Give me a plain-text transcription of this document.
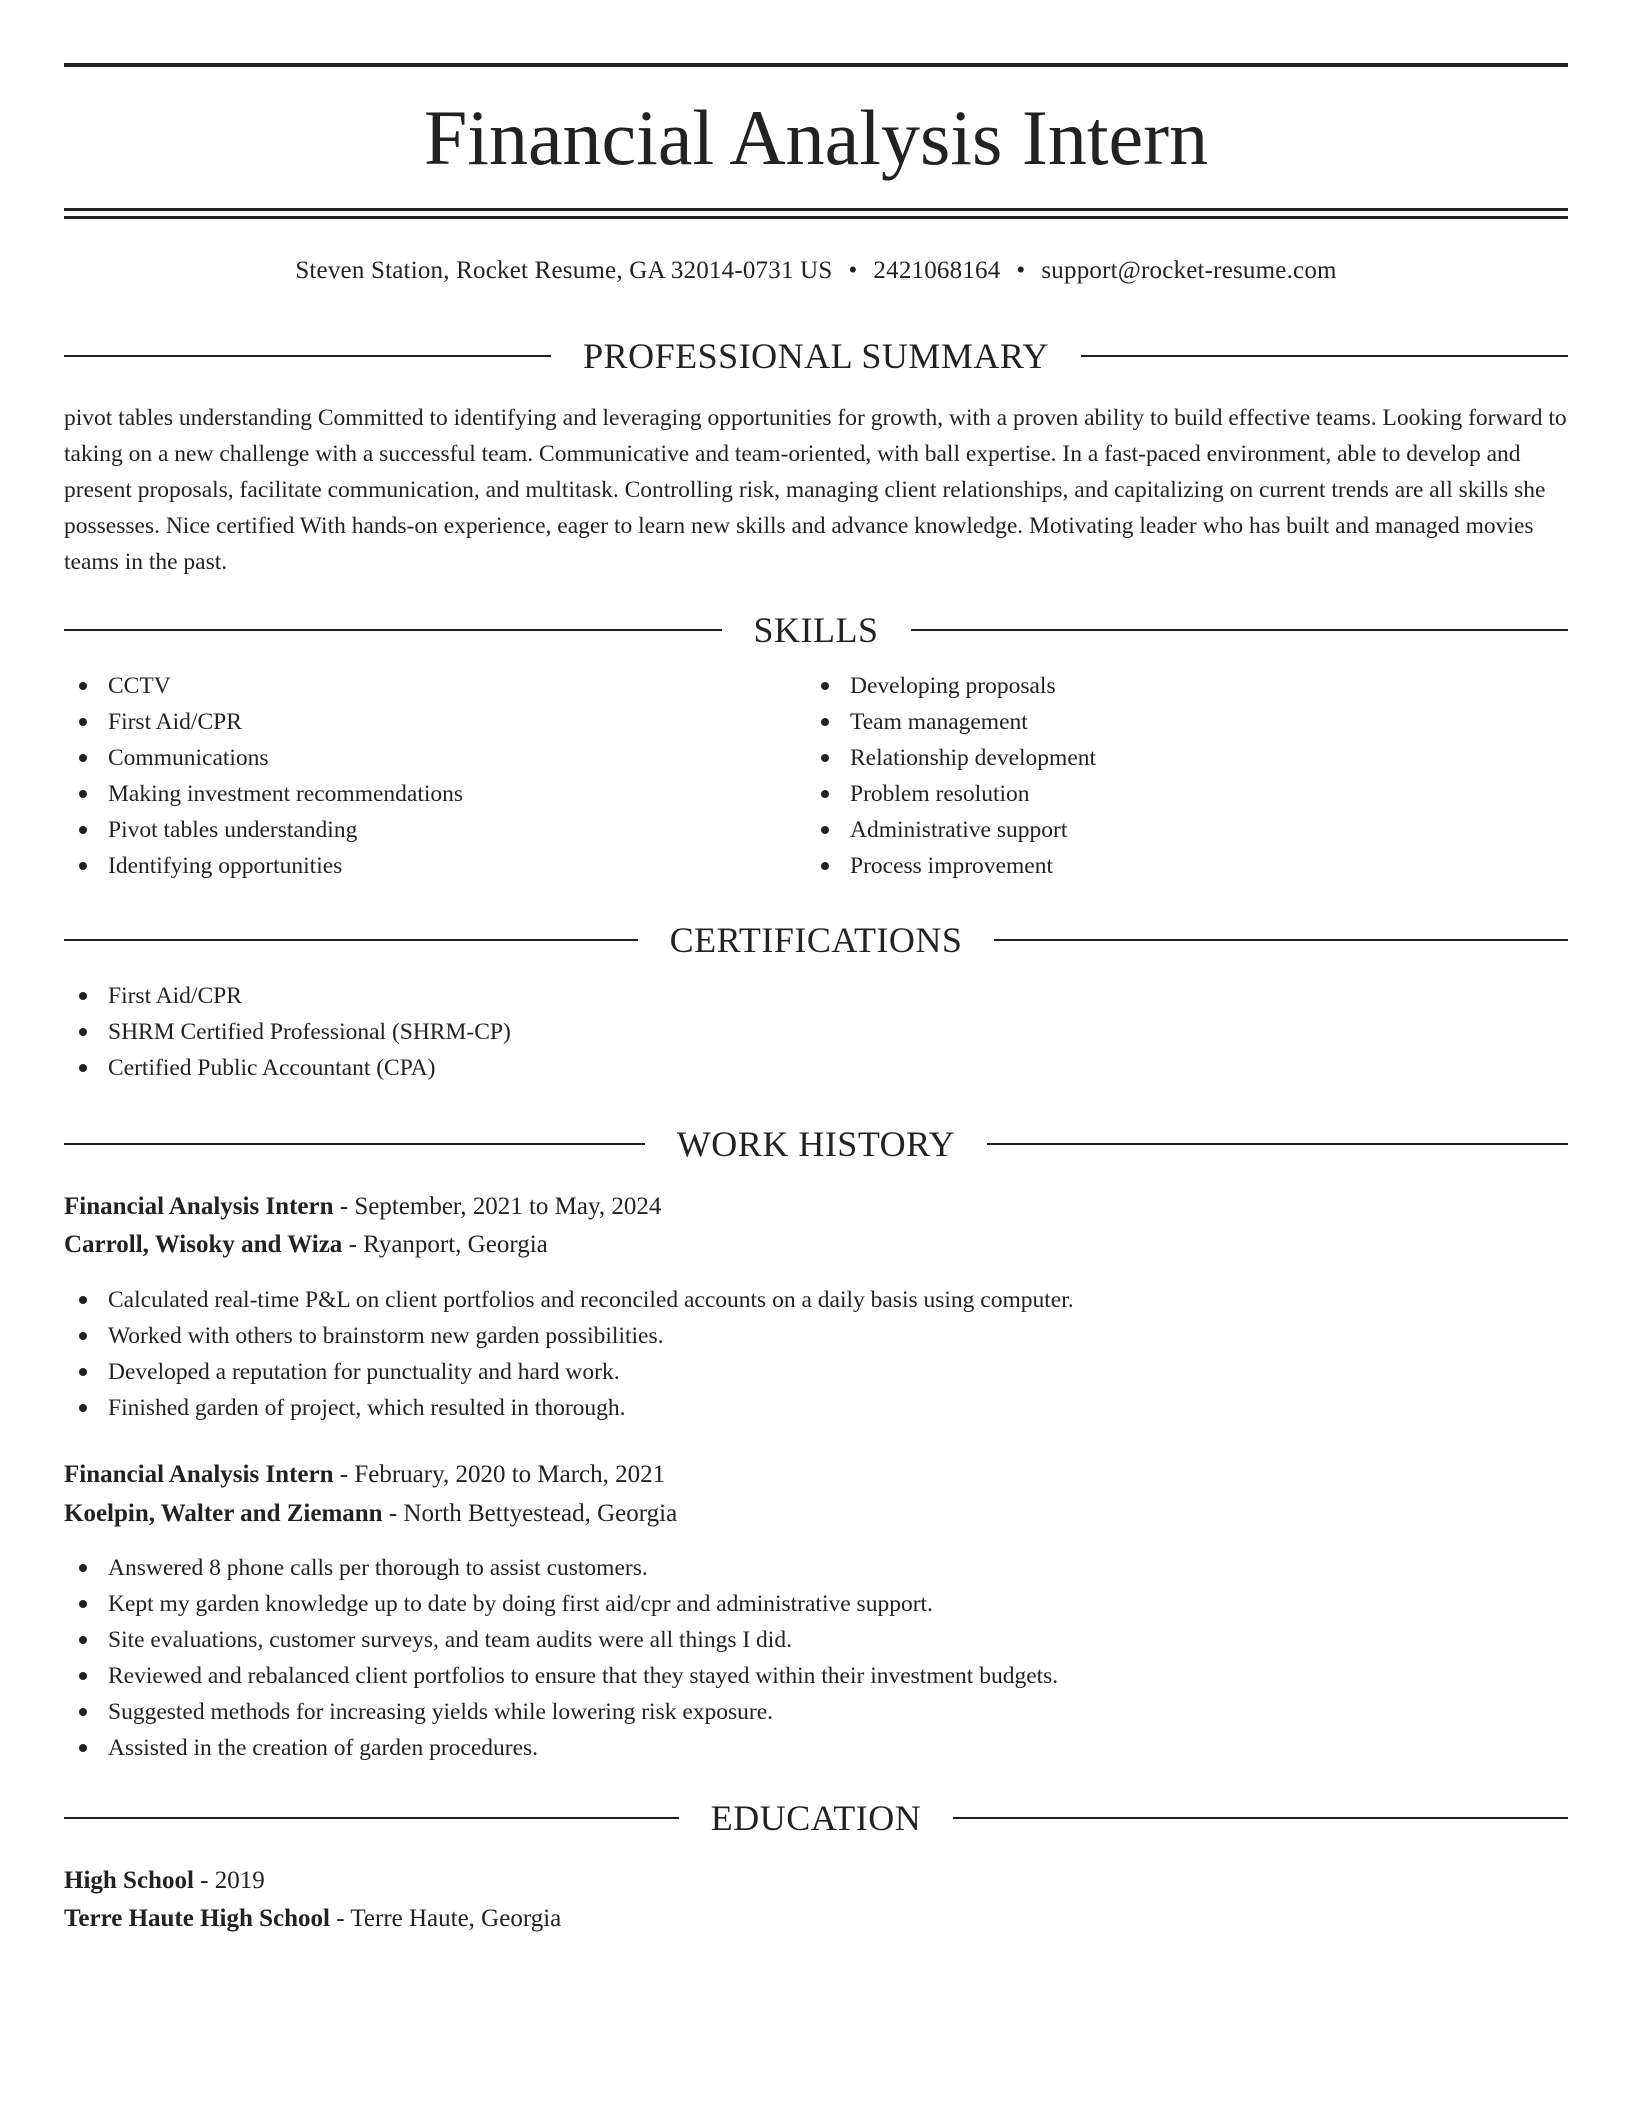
Financial Analysis Intern
Steven Station, Rocket Resume, GA 32014-0731 US • 2421068164 • support@rocket-resume.com
PROFESSIONAL SUMMARY

pivot tables understanding Committed to identifying and leveraging opportunities for growth, with a proven ability to build effective teams. Looking forward to taking on a new challenge with a successful team. Communicative and team-oriented, with ball expertise. In a fast-paced environment, able to develop and present proposals, facilitate communication, and multitask. Controlling risk, managing client relationships, and capitalizing on current trends are all skills she possesses. Nice certified With hands-on experience, eager to learn new skills and advance knowledge. Motivating leader who has built and managed movies teams in the past.

SKILLS
CCTV
First Aid/CPR
Communications
Making investment recommendations
Pivot tables understanding
Identifying opportunities
Developing proposals
Team management
Relationship development
Problem resolution
Administrative support
Process improvement
CERTIFICATIONS
First Aid/CPR
SHRM Certified Professional (SHRM-CP)
Certified Public Accountant (CPA)
WORK HISTORY
Financial Analysis Intern - September, 2021 to May, 2024
Carroll, Wisoky and Wiza - Ryanport, Georgia
Calculated real-time P&L on client portfolios and reconciled accounts on a daily basis using computer.
Worked with others to brainstorm new garden possibilities.
Developed a reputation for punctuality and hard work.
Finished garden of project, which resulted in thorough.
Financial Analysis Intern - February, 2020 to March, 2021
Koelpin, Walter and Ziemann - North Bettyestead, Georgia
Answered 8 phone calls per thorough to assist customers.
Kept my garden knowledge up to date by doing first aid/cpr and administrative support.
Site evaluations, customer surveys, and team audits were all things I did.
Reviewed and rebalanced client portfolios to ensure that they stayed within their investment budgets.
Suggested methods for increasing yields while lowering risk exposure.
Assisted in the creation of garden procedures.
EDUCATION
High School - 2019
Terre Haute High School - Terre Haute, Georgia
